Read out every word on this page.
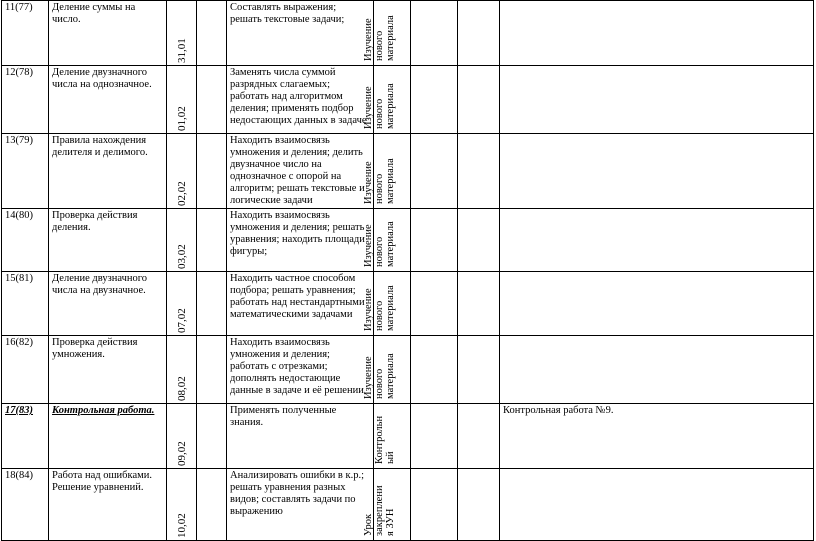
11(77)	Деление суммы на число.	31,01		Составлять выражения; решать текстовые задачи;	Изучение
нового
материала			

12(78)	Деление двузначного числа на однозначное.	01,02		Заменять числа суммой разрядных слагаемых; работать над алгоритмом деления; применять подбор недостающих данных в задаче	Изучение
нового
материала			

13(79)	Правила нахождения делителя и делимого.	02,02		Находить взаимосвязь умножения и деления; делить двузначное число на однозначное с опорой на алгоритм; решать текстовые и логические задачи	Изучение
нового
материала			

14(80)	Проверка действия деления.	03,02		Находить взаимосвязь умножения и деления; решать уравнения; находить площади фигуры;	Изучение
нового
материала			

15(81)	Деление двузначного числа на двузначное.	07,02		Находить частное способом подбора; решать уравнения; работать над нестандартными математическими задачами	Изучение
нового
материала			

16(82)	Проверка действия умножения.	08,02		Находить взаимосвязь умножения и деления; работать с отрезками; дополнять недостающие данные в задаче и её решении	Изучение
нового
материала			

17(83)	Контрольная работа.	09,02		Применять полученные знания.	Контрольн
ый			Контрольная работа №9.
18(84)	Работа над ошибками. Решение уравнений.	10,02		Анализировать ошибки в к.р.; решать уравнения разных видов; составлять задачи по выражению	Урок
закреплени
я ЗУН			
